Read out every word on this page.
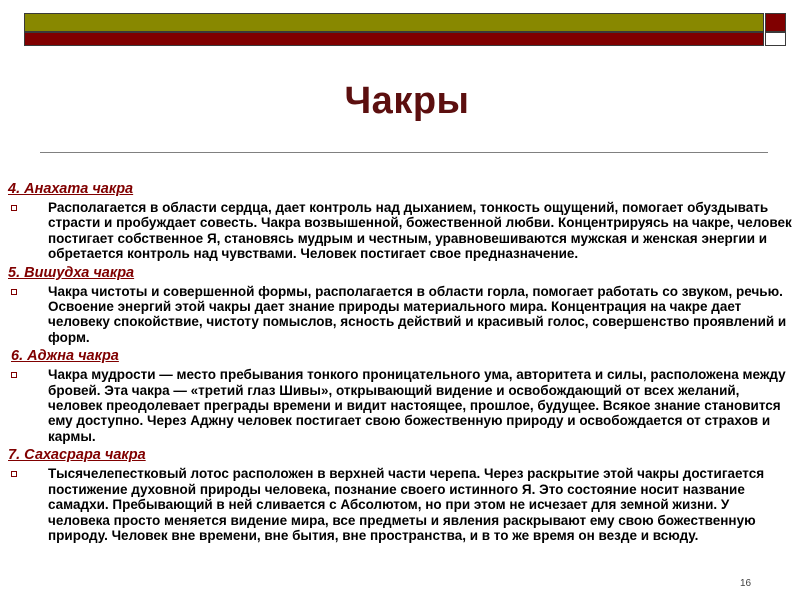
Чакры
4. Анахата чакра
Располагается в области сердца, дает контроль над дыханием, тонкость ощущений, помогает обуздывать страсти и пробуждает совесть. Чакра возвышенной, божественной любви. Концентрируясь на чакре, человек постигает собственное Я, становясь мудрым и честным, уравновешиваются мужская и женская энергии и обретается контроль над чувствами. Человек постигает свое предназначение.
5. Вишудха чакра
Чакра чистоты и совершенной формы, располагается в области горла, помогает работать со звуком, речью. Освоение энергий этой чакры дает знание природы материального мира. Концентрация на чакре дает человеку спокойствие, чистоту помыслов, ясность действий и красивый голос, совершенство проявлений и форм.
6. Аджна чакра
Чакра мудрости — место пребывания тонкого проницательного ума, авторитета и силы, расположена между бровей. Эта чакра — «третий глаз Шивы», открывающий видение и освобождающий от всех желаний, человек преодолевает преграды времени и видит настоящее, прошлое, будущее. Всякое знание становится ему доступно. Через Аджну человек постигает свою божественную природу и освобождается от страхов и кармы.
7. Сахасрара чакра
Тысячелепестковый лотос расположен в верхней части черепа. Через раскрытие этой чакры достигается постижение духовной природы человека, познание своего истинного Я. Это состояние носит название самадхи. Пребывающий в ней сливается с Абсолютом, но при этом не исчезает для земной жизни. У человека просто меняется видение мира, все предметы и явления раскрывают ему свою божественную природу. Человек вне времени, вне бытия, вне пространства, и в то же время он везде и всюду.
16
